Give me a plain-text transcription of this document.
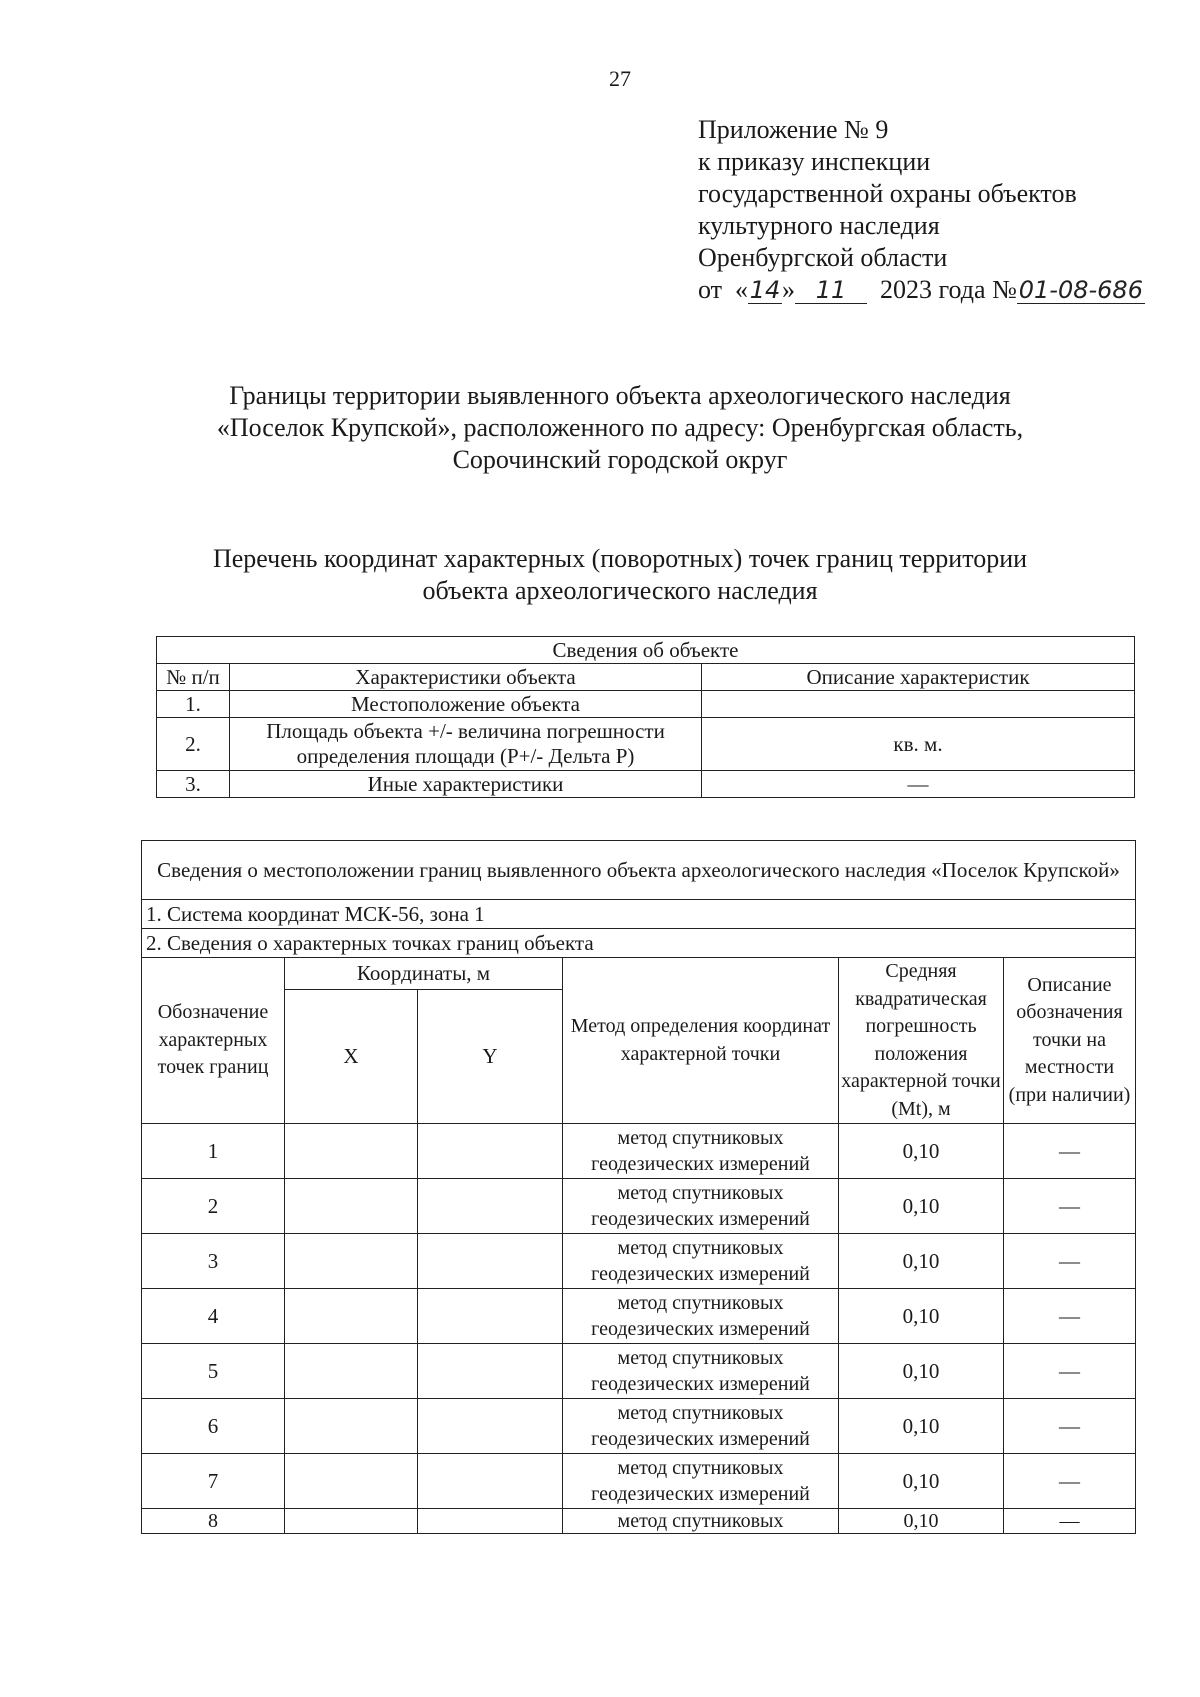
27
Приложение № 9
к приказу инспекции
государственной охраны объектов
культурного наследия
Оренбургской области
от «14» 11 2023 года №01-08-686
Границы территории выявленного объекта археологического наследия
«Поселок Крупской», расположенного по адресу: Оренбургская область,
Сорочинский городской округ
Перечень координат характерных (поворотных) точек границ территории
объекта археологического наследия
Сведения об объекте		
№ п/п	Характеристики объекта	Описание характеристик
1.	Местоположение объекта	
2.	Площадь объекта +/- величина погрешности определения площади (P+/- Дельта P)	кв. м.
3.	Иные характеристики	—
Сведения о местоположении границ выявленного объекта археологического наследия «Поселок Крупской»					
1. Система координат МСК-56, зона 1					
2. Сведения о характерных точках границ объекта					
Обозначение характерных точек границ	Координаты, м		Метод определения координат характерной точки	Средняя квадратическая погрешность положения характерной точки (Mt), м	Описание обозначения точки на местности (при наличии)
	X	Y			
1			метод спутниковых геодезических измерений	0,10	—
2			метод спутниковых геодезических измерений	0,10	—
3			метод спутниковых геодезических измерений	0,10	—
4			метод спутниковых геодезических измерений	0,10	—
5			метод спутниковых геодезических измерений	0,10	—
6			метод спутниковых геодезических измерений	0,10	—
7			метод спутниковых геодезических измерений	0,10	—
8			метод спутниковых	0,10	—
